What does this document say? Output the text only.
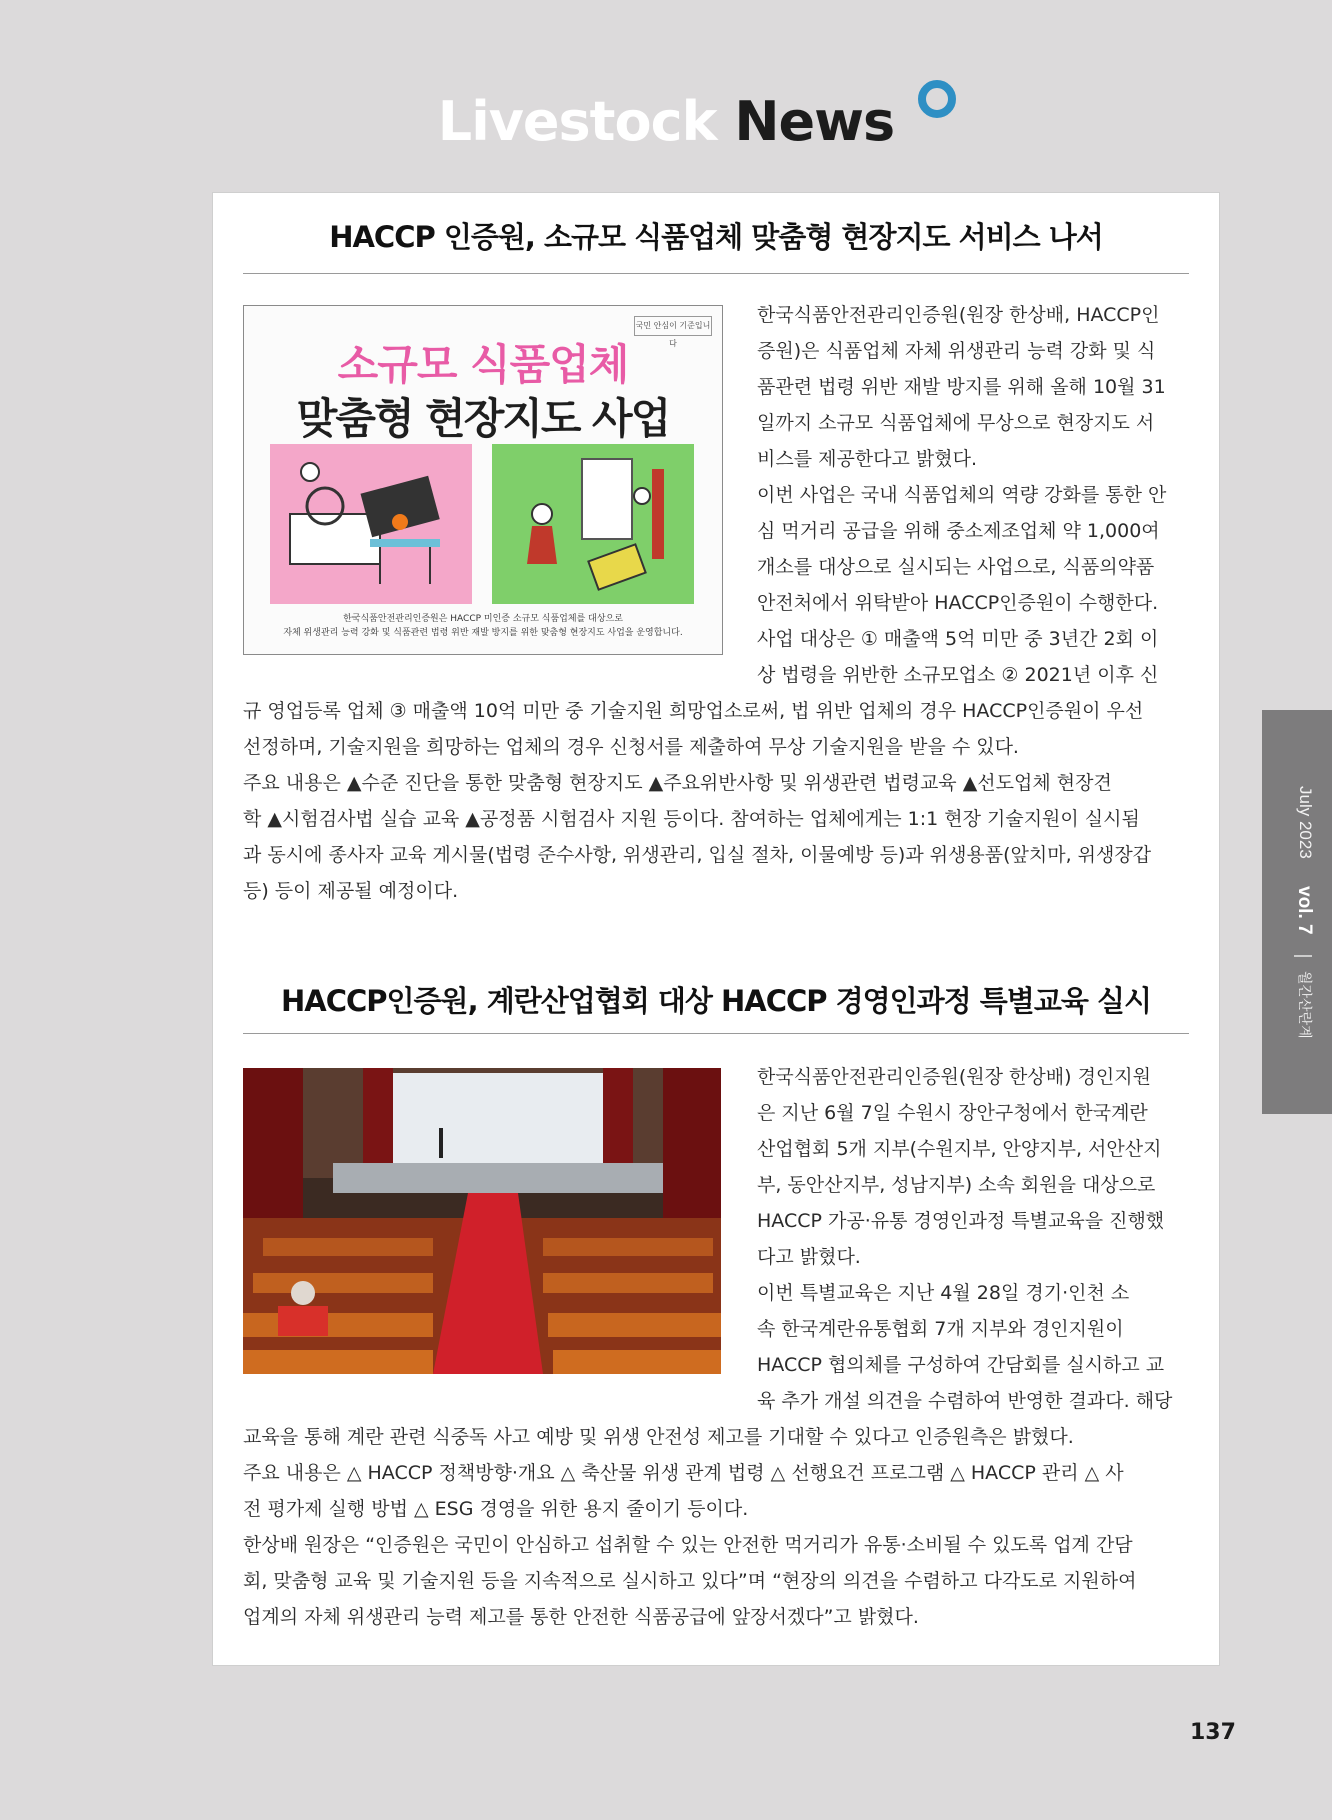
Livestock News
HACCP 인증원, 소규모 식품업체 맞춤형 현장지도 서비스 나서
국민 안심이 기준입니다
소규모 식품업체
맞춤형 현장지도 사업
한국식품안전관리인증원은 HACCP 미인증 소규모 식품업체를 대상으로
자체 위생관리 능력 강화 및 식품관련 법령 위반 재발 방지를 위한 맞춤형 현장지도 사업을 운영합니다.
한국식품안전관리인증원(원장 한상배, HACCP인
증원)은 식품업체 자체 위생관리 능력 강화 및 식
품관련 법령 위반 재발 방지를 위해 올해 10월 31
일까지 소규모 식품업체에 무상으로 현장지도 서
비스를 제공한다고 밝혔다.
이번 사업은 국내 식품업체의 역량 강화를 통한 안
심 먹거리 공급을 위해 중소제조업체 약 1,000여
개소를 대상으로 실시되는 사업으로, 식품의약품
안전처에서 위탁받아 HACCP인증원이 수행한다.
사업 대상은 ① 매출액 5억 미만 중 3년간 2회 이
상 법령을 위반한 소규모업소 ② 2021년 이후 신
규 영업등록 업체 ③ 매출액 10억 미만 중 기술지원 희망업소로써, 법 위반 업체의 경우 HACCP인증원이 우선
선정하며, 기술지원을 희망하는 업체의 경우 신청서를 제출하여 무상 기술지원을 받을 수 있다.
주요 내용은 ▲수준 진단을 통한 맞춤형 현장지도 ▲주요위반사항 및 위생관련 법령교육 ▲선도업체 현장견
학 ▲시험검사법 실습 교육 ▲공정품 시험검사 지원 등이다. 참여하는 업체에게는 1:1 현장 기술지원이 실시됨
과 동시에 종사자 교육 게시물(법령 준수사항, 위생관리, 입실 절차, 이물예방 등)과 위생용품(앞치마, 위생장갑
등) 등이 제공될 예정이다.
HACCP인증원, 계란산업협회 대상 HACCP 경영인과정 특별교육 실시
한국식품안전관리인증원(원장 한상배) 경인지원
은 지난 6월 7일 수원시 장안구청에서 한국계란
산업협회 5개 지부(수원지부, 안양지부, 서안산지
부, 동안산지부, 성남지부) 소속 회원을 대상으로
HACCP 가공·유통 경영인과정 특별교육을 진행했
다고 밝혔다.
이번 특별교육은 지난 4월 28일 경기·인천 소
속 한국계란유통협회 7개 지부와 경인지원이
HACCP 협의체를 구성하여 간담회를 실시하고 교
육 추가 개설 의견을 수렴하여 반영한 결과다. 해당
교육을 통해 계란 관련 식중독 사고 예방 및 위생 안전성 제고를 기대할 수 있다고 인증원측은 밝혔다.
주요 내용은 △ HACCP 정책방향·개요 △ 축산물 위생 관계 법령 △ 선행요건 프로그램 △ HACCP 관리 △ 사
전 평가제 실행 방법 △ ESG 경영을 위한 용지 줄이기 등이다.
한상배 원장은 “인증원은 국민이 안심하고 섭취할 수 있는 안전한 먹거리가 유통·소비될 수 있도록 업계 간담
회, 맞춤형 교육 및 기술지원 등을 지속적으로 실시하고 있다”며 “현장의 의견을 수렴하고 다각도로 지원하여
업계의 자체 위생관리 능력 제고를 통한 안전한 식품공급에 앞장서겠다”고 밝혔다.
July 2023
vol. 7
월간산란계
137
